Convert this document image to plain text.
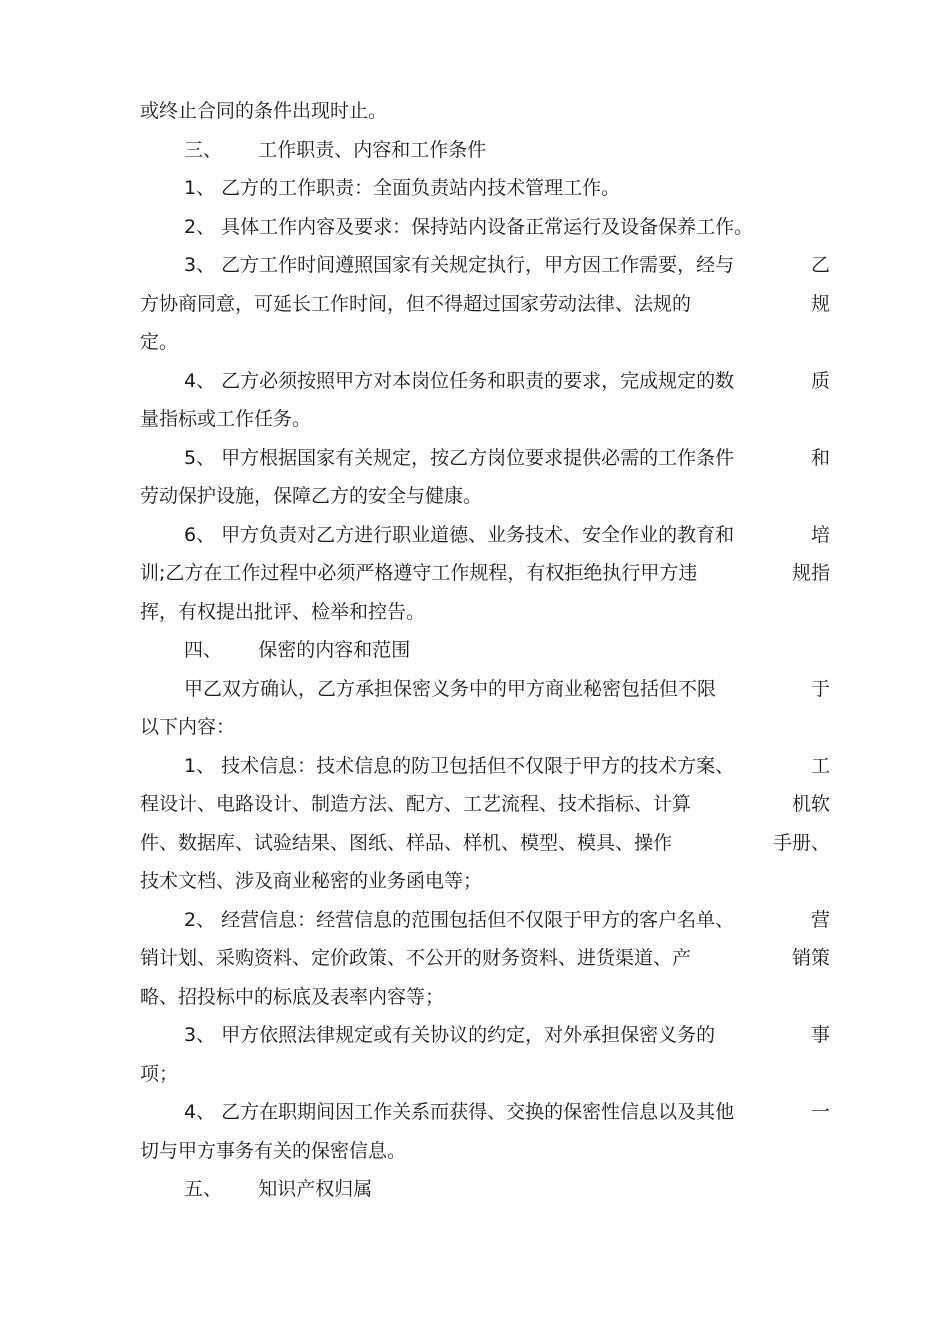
或终止合同的条件出现时止。
三、      工作职责、内容和工作条件
1、 乙方的工作职责：全面负责站内技术管理工作。
2、 具体工作内容及要求：保持站内设备正常运行及设备保养工作。
3、 乙方工作时间遵照国家有关规定执行，甲方因工作需要，经与	乙
方协商同意，可延长工作时间，但不得超过国家劳动法律、法规的	规
定。
4、 乙方必须按照甲方对本岗位任务和职责的要求，完成规定的数	质
量指标或工作任务。
5、 甲方根据国家有关规定，按乙方岗位要求提供必需的工作条件	和
劳动保护设施，保障乙方的安全与健康。
6、 甲方负责对乙方进行职业道德、业务技术、安全作业的教育和	培
训;乙方在工作过程中必须严格遵守工作规程，有权拒绝执行甲方违	规指
挥，有权提出批评、检举和控告。
四、      保密的内容和范围
甲乙双方确认，乙方承担保密义务中的甲方商业秘密包括但不限	于
以下内容：
1、 技术信息：技术信息的防卫包括但不仅限于甲方的技术方案、	工
程设计、电路设计、制造方法、配方、工艺流程、技术指标、计算	机软
件、数据库、试验结果、图纸、样品、样机、模型、模具、操作	手册、
技术文档、涉及商业秘密的业务函电等；
2、 经营信息：经营信息的范围包括但不仅限于甲方的客户名单、	营
销计划、采购资料、定价政策、不公开的财务资料、进货渠道、产	销策
略、招投标中的标底及表率内容等；
3、 甲方依照法律规定或有关协议的约定，对外承担保密义务的	事
项；
4、 乙方在职期间因工作关系而获得、交换的保密性信息以及其他	一
切与甲方事务有关的保密信息。
五、      知识产权归属
